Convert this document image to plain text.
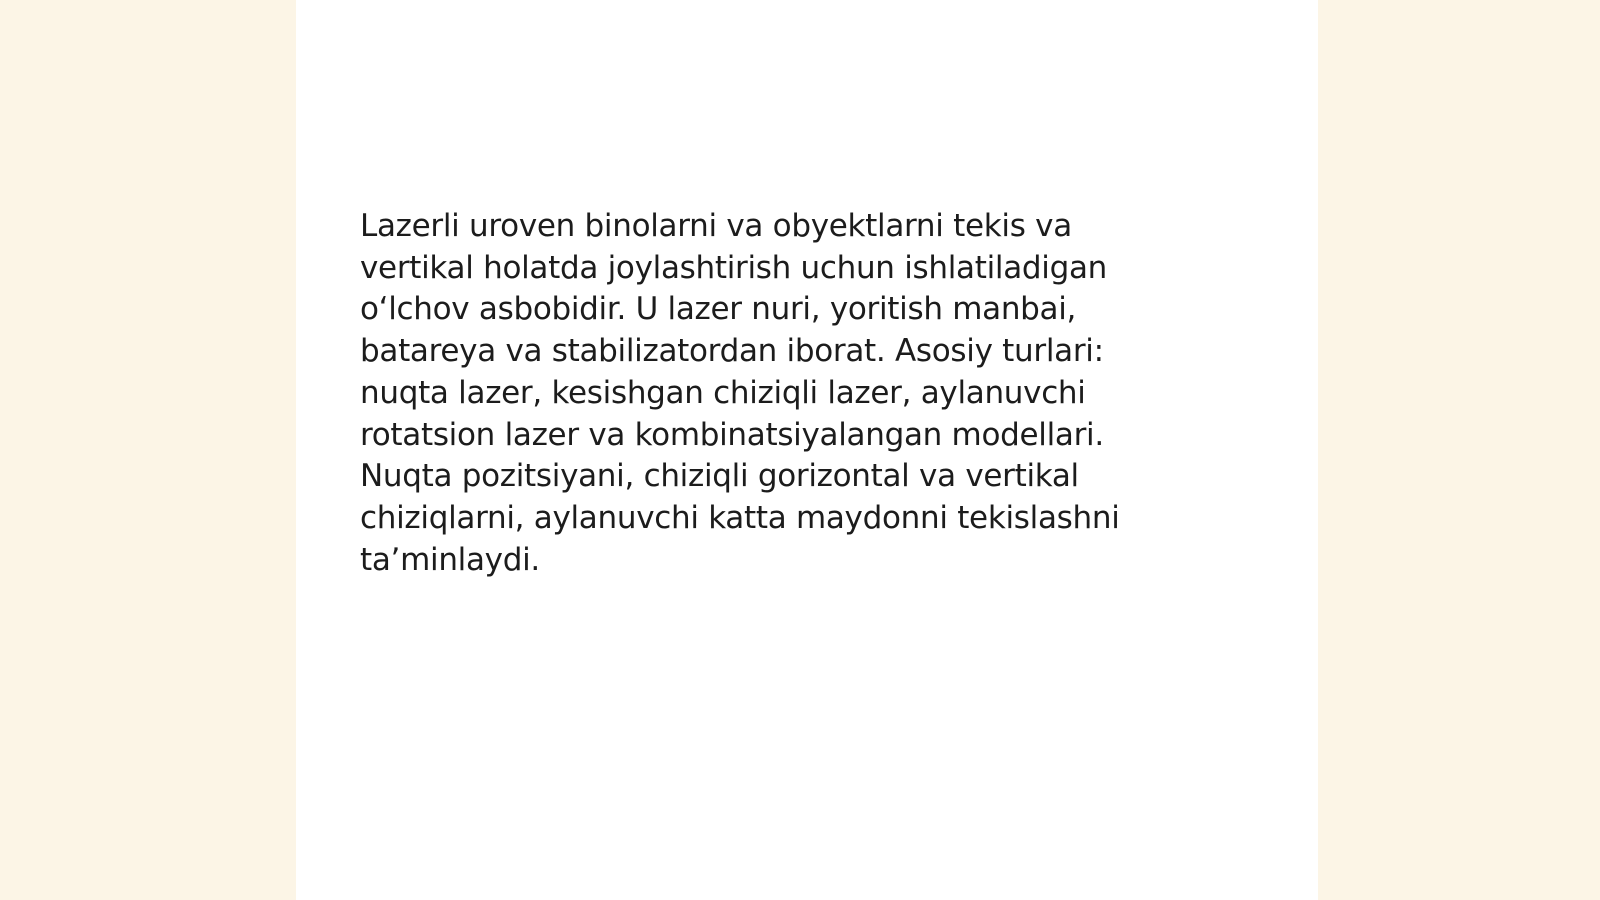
Lazerli uroven binolarni va obyektlarni tekis va
vertikal holatda joylashtirish uchun ishlatiladigan
o‘lchov asbobidir. U lazer nuri, yoritish manbai,
batareya va stabilizatordan iborat. Asosiy turlari:
nuqta lazer, kesishgan chiziqli lazer, aylanuvchi
rotatsion lazer va kombinatsiyalangan modellari.
Nuqta pozitsiyani, chiziqli gorizontal va vertikal
chiziqlarni, aylanuvchi katta maydonni tekislashni
ta’minlaydi.
